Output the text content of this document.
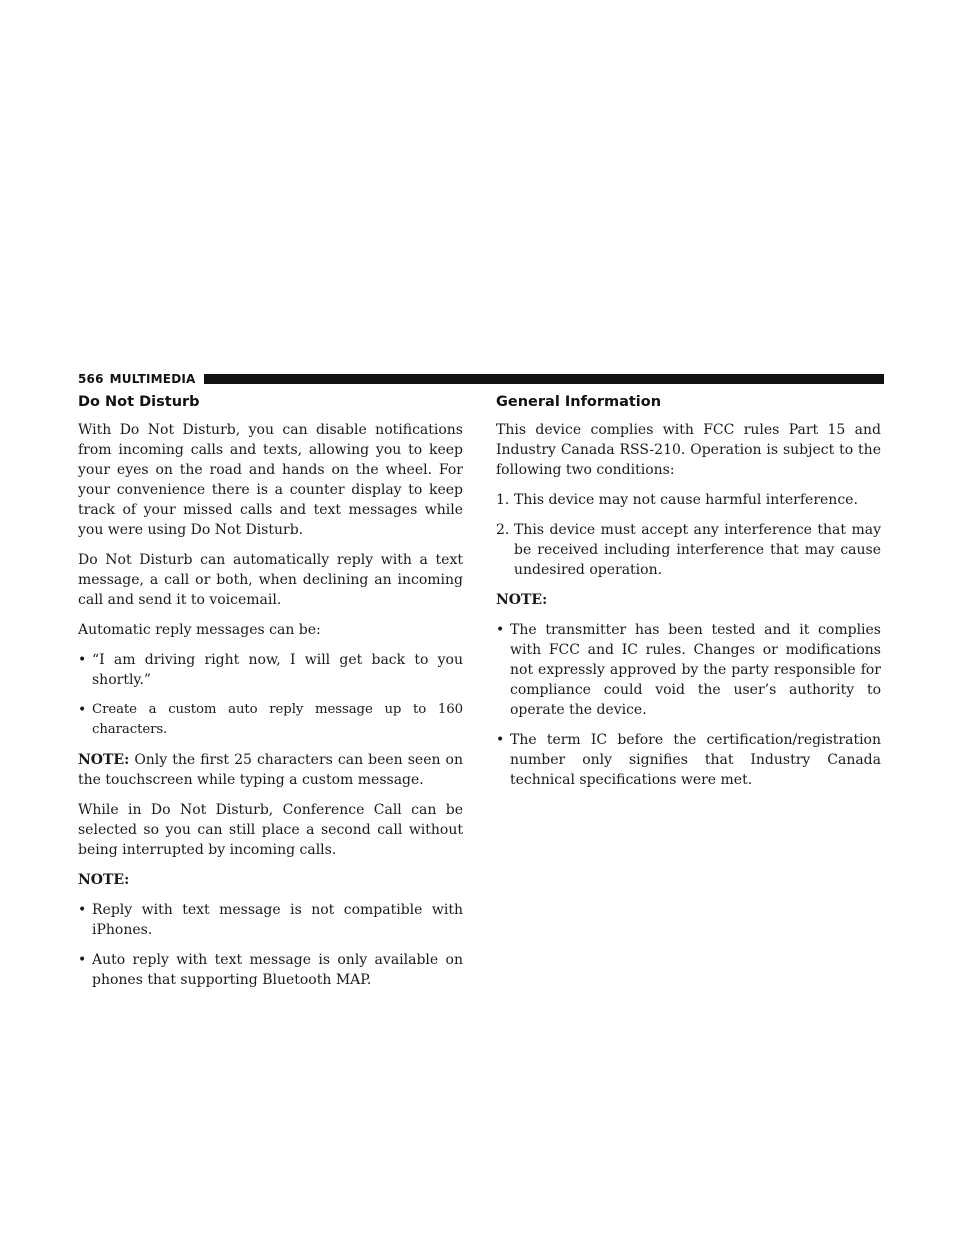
566 MULTIMEDIA
Do Not Disturb

With Do Not Disturb, you can disable notifications from incoming calls and texts, allowing you to keep your eyes on the road and hands on the wheel. For your convenience there is a counter display to keep track of your missed calls and text messages while you were using Do Not Disturb.

Do Not Disturb can automatically reply with a text message, a call or both, when declining an incoming call and send it to voicemail.

Automatic reply messages can be:

• “I am driving right now, I will get back to you shortly.”
• Create a custom auto reply message up to 160 characters.

NOTE: Only the first 25 characters can been seen on the touchscreen while typing a custom message.

While in Do Not Disturb, Conference Call can be selected so you can still place a second call without being interrupted by incoming calls.

NOTE:

• Reply with text message is not compatible with iPhones.
• Auto reply with text message is only available on phones that supporting Bluetooth MAP.
General Information

This device complies with FCC rules Part 15 and Industry Canada RSS-210. Operation is subject to the following two conditions:

1. This device may not cause harmful interference.
2. This device must accept any interference that may be received including interference that may cause undesired operation.

NOTE:

• The transmitter has been tested and it complies with FCC and IC rules. Changes or modifications not expressly approved by the party responsible for compliance could void the user’s authority to operate the device.
• The term IC before the certification/registration number only signifies that Industry Canada technical specifications were met.
